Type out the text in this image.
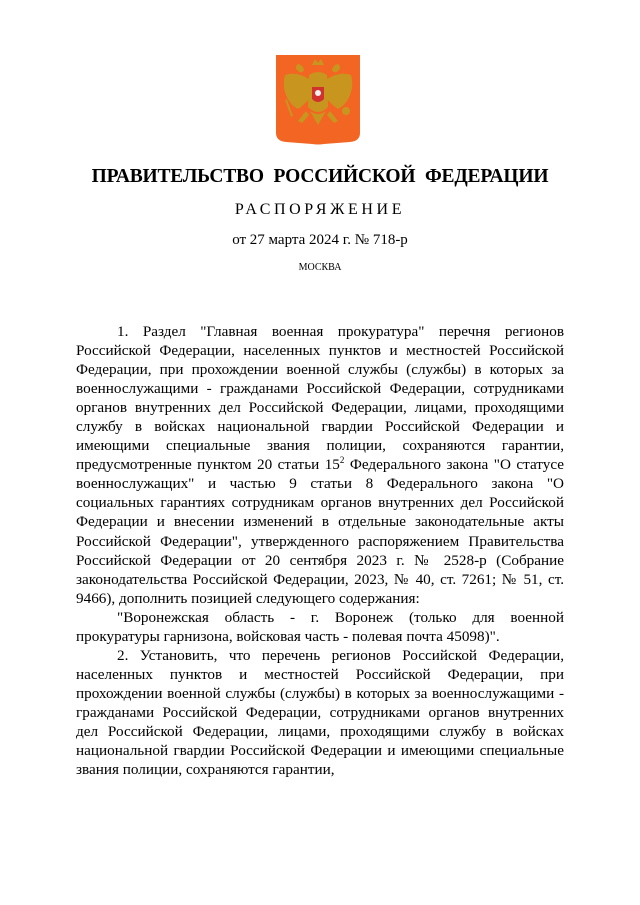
ПРАВИТЕЛЬСТВО РОССИЙСКОЙ ФЕДЕРАЦИИ
РАСПОРЯЖЕНИЕ
от 27 марта 2024 г. № 718-р
МОСКВА

1. Раздел "Главная военная прокуратура" перечня регионов Российской Федерации, населенных пунктов и местностей Российской Федерации, при прохождении военной службы (службы) в которых за военнослужащими - гражданами Российской Федерации, сотрудниками органов внутренних дел Российской Федерации, лицами, проходящими службу в войсках национальной гвардии Российской Федерации и имеющими специальные звания полиции, сохраняются гарантии, предусмотренные пунктом 20 статьи $15^2$ Федерального закона "О статусе военнослужащих" и частью 9 статьи 8 Федерального закона "О социальных гарантиях сотрудникам органов внутренних дел Российской Федерации и внесении изменений в отдельные законодательные акты Российской Федерации", утвержденного распоряжением Правительства Российской Федерации от 20 сентября 2023 г. № 2528-р (Собрание законодательства Российской Федерации, 2023, № 40, ст. 7261; № 51, ст. 9466), дополнить позицией следующего содержания:

"Воронежская область - г. Воронеж (только для военной прокуратуры гарнизона, войсковая часть - полевая почта 45098)".

2. Установить, что перечень регионов Российской Федерации, населенных пунктов и местностей Российской Федерации, при прохождении военной службы (службы) в которых за военнослужащими - гражданами Российской Федерации, сотрудниками органов внутренних дел Российской Федерации, лицами, проходящими службу в войсках национальной гвардии Российской Федерации и имеющими специальные звания полиции, сохраняются гарантии,
